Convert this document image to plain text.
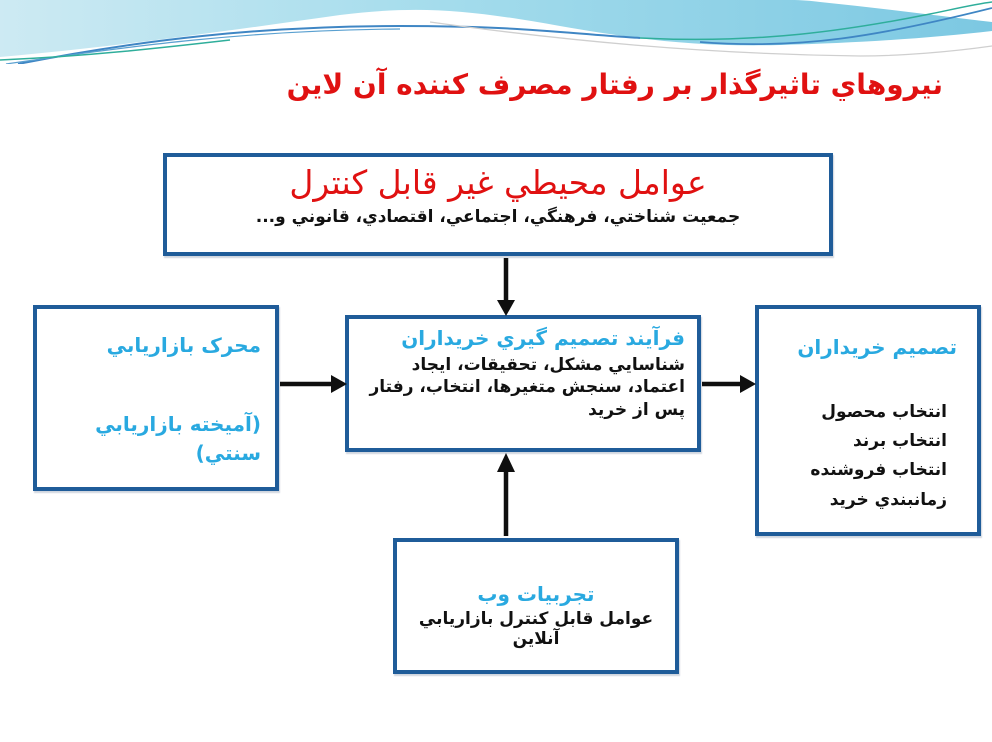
نيروهاي تاثيرگذار بر رفتار مصرف كننده آن لاين
عوامل محيطي غير قابل كنترل
جمعيت شناختي، فرهنگي، اجتماعي، اقتصادي، قانوني و...
محرک بازاريابي
(آميخته بازاريابي
سنتي)
فرآيند تصميم گيري خريداران
شناسايي مشكل، تحقيقات، ايجاد اعتماد، سنجش متغيرها، انتخاب، رفتار پس از خريد
تصميم خريداران
انتخاب محصول
انتخاب برند
انتخاب فروشنده
زمانبندي خريد
تجربيات وب
عوامل قابل كنترل بازاريابي آنلاين
